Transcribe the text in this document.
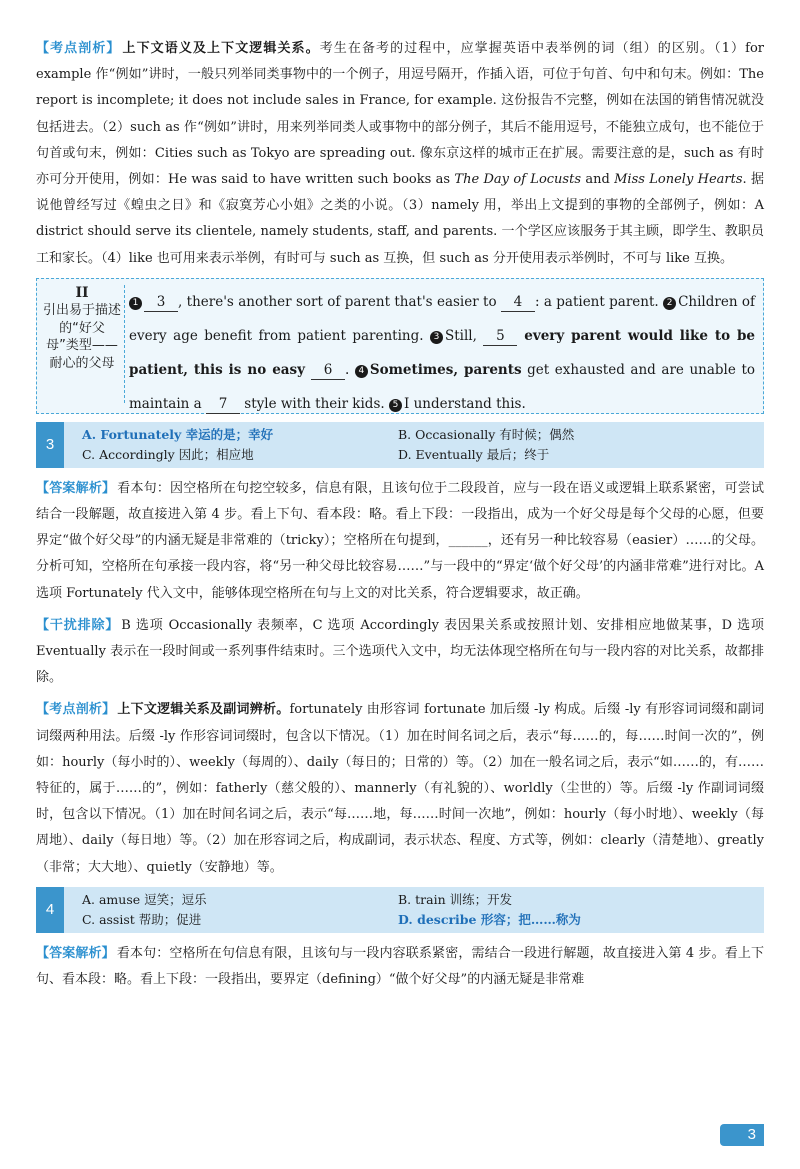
【考点剖析】 上下文语义及上下文逻辑关系。考生在备考的过程中，应掌握英语中表举例的词（组）的区别。（1）for example 作“例如”讲时，一般只列举同类事物中的一个例子，用逗号隔开，作插入语，可位于句首、句中和句末。例如：The report is incomplete; it does not include sales in France, for example. 这份报告不完整，例如在法国的销售情况就没包括进去。（2）such as 作“例如”讲时，用来列举同类人或事物中的部分例子，其后不能用逗号，不能独立成句，也不能位于句首或句末，例如：Cities such as Tokyo are spreading out. 像东京这样的城市正在扩展。需要注意的是，such as 有时亦可分开使用，例如：He was said to have written such books as The Day of Locusts and Miss Lonely Hearts. 据说他曾经写过《蝗虫之日》和《寂寞芳心小姐》之类的小说。（3）namely 用，举出上文提到的事物的全部例子，例如：A district should serve its clientele, namely students, staff, and parents. 一个学区应该服务于其主顾，即学生、教职员工和家长。（4）like 也可用来表示举例，有时可与 such as 互换，但 such as 分开使用表示举例时，不可与 like 互换。

II
引出易于描述的“好父母”类型——耐心的父母
1 3 , there's another sort of parent that's easier to 4 : a patient parent. 2 Children of every age benefit from patient parenting. 3 Still, 5 every parent would like to be patient, this is no easy 6 . 4 Sometimes, parents get exhausted and are unable to maintain a 7 style with their kids. 5 I understand this.
3
A. Fortunately 幸运的是；幸好	B. Occasionally 有时候；偶然
C. Accordingly 因此；相应地	D. Eventually 最后；终于

【答案解析】 看本句：因空格所在句挖空较多，信息有限，且该句位于二段段首，应与一段在语义或逻辑上联系紧密，可尝试结合一段解题，故直接进入第 4 步。看上下句、看本段：略。看上下段：一段指出，成为一个好父母是每个父母的心愿，但要界定“做个好父母”的内涵无疑是非常难的（tricky）；空格所在句提到，______，还有另一种比较容易（easier）……的父母。分析可知，空格所在句承接一段内容，将“另一种父母比较容易……”与一段中的“界定‘做个好父母’的内涵非常难”进行对比。A 选项 Fortunately 代入文中，能够体现空格所在句与上文的对比关系，符合逻辑要求，故正确。

【干扰排除】 B 选项 Occasionally 表频率，C 选项 Accordingly 表因果关系或按照计划、安排相应地做某事，D 选项 Eventually 表示在一段时间或一系列事件结束时。三个选项代入文中，均无法体现空格所在句与一段内容的对比关系，故都排除。

【考点剖析】 上下文逻辑关系及副词辨析。fortunately 由形容词 fortunate 加后缀 -ly 构成。后缀 -ly 有形容词词缀和副词词缀两种用法。后缀 -ly 作形容词词缀时，包含以下情况。（1）加在时间名词之后，表示“每……的，每……时间一次的”，例如：hourly（每小时的）、weekly（每周的）、daily（每日的；日常的）等。（2）加在一般名词之后，表示“如……的，有……特征的，属于……的”，例如：fatherly（慈父般的）、mannerly（有礼貌的）、worldly（尘世的）等。后缀 -ly 作副词词缀时，包含以下情况。（1）加在时间名词之后，表示“每……地，每……时间一次地”，例如：hourly（每小时地）、weekly（每周地）、daily（每日地）等。（2）加在形容词之后，构成副词，表示状态、程度、方式等，例如：clearly（清楚地）、greatly（非常；大大地）、quietly（安静地）等。

4
A. amuse 逗笑；逗乐	B. train 训练；开发
C. assist 帮助；促进	D. describe 形容；把……称为

【答案解析】 看本句：空格所在句信息有限，且该句与一段内容联系紧密，需结合一段进行解题，故直接进入第 4 步。看上下句、看本段：略。看上下段：一段指出，要界定（defining）“做个好父母”的内涵无疑是非常难

3
